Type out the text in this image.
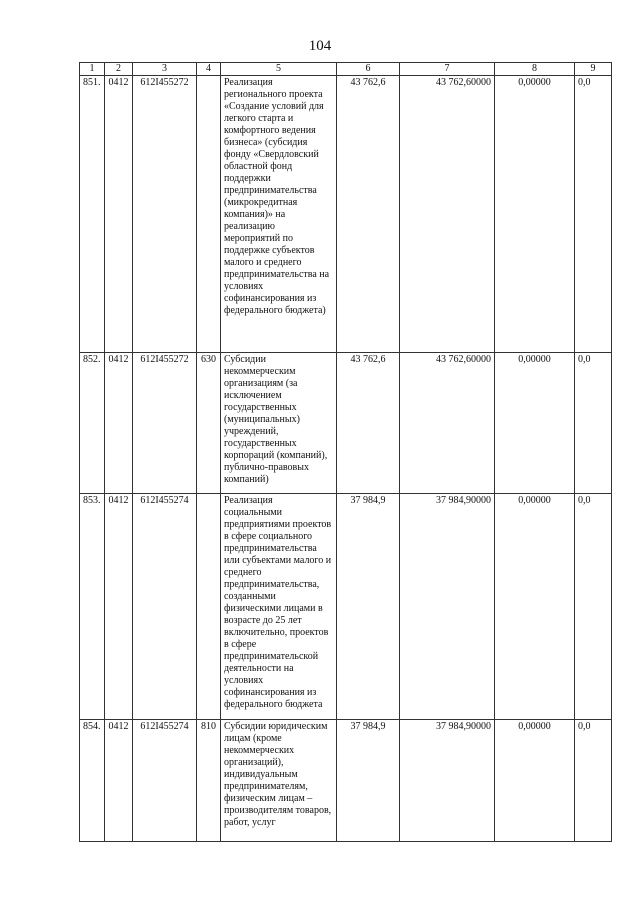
104
1	2	3	4	5	6	7	8	9
851.	0412	612I455272		Реализация регионального проекта «Создание условий для легкого старта и комфортного ведения бизнеса» (субсидия фонду «Свердловский областной фонд поддержки предпринимательства (микрокредитная компания)» на реализацию мероприятий по поддержке субъектов малого и среднего предпринимательства на условиях софинансирования из федерального бюджета)	43 762,6	43 762,60000	0,00000	0,0
852.	0412	612I455272	630	Субсидии некоммерческим организациям (за исключением государственных (муниципальных) учреждений, государственных корпораций (компаний), публично-правовых компаний)	43 762,6	43 762,60000	0,00000	0,0
853.	0412	612I455274		Реализация социальными предприятиями проектов в сфере социального предпринимательства или субъектами малого и среднего предпринимательства, созданными физическими лицами в возрасте до 25 лет включительно, проектов в сфере предпринимательской деятельности на условиях софинансирования из федерального бюджета	37 984,9	37 984,90000	0,00000	0,0
854.	0412	612I455274	810	Субсидии юридическим лицам (кроме некоммерческих организаций), индивидуальным предпринимателям, физическим лицам – производителям товаров, работ, услуг	37 984,9	37 984,90000	0,00000	0,0
